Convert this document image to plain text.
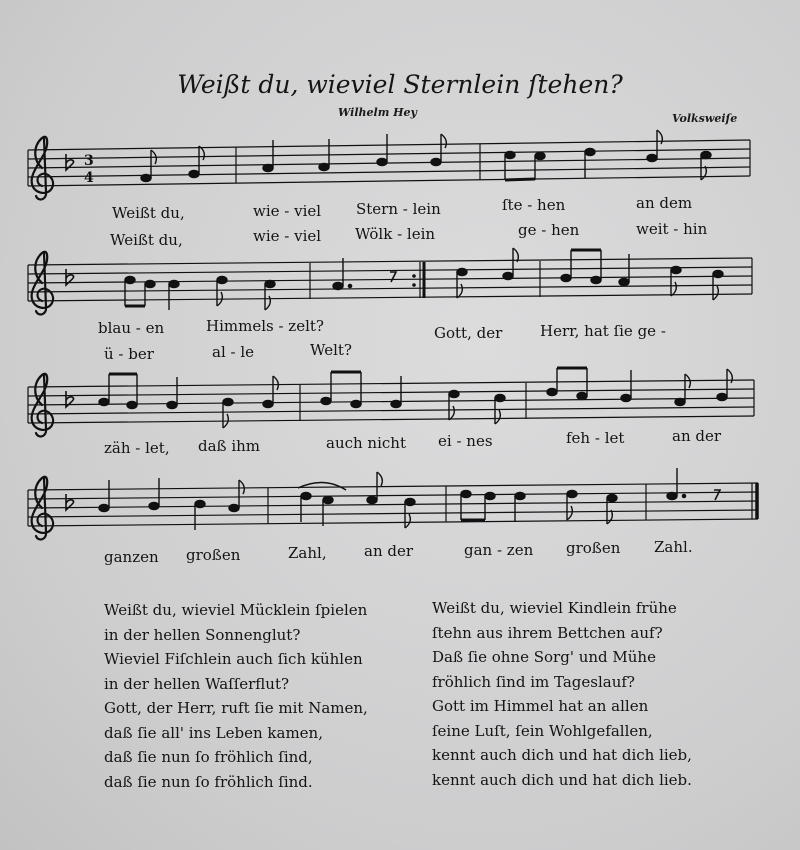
Weißt du, wieviel Sternlein ſtehen?
Wilhelm Hey	Volksweiſe
3
4
Weißt du,	wie - viel Stern - lein	ſte - hen	an dem
Weißt du,	wie - viel Wölk - lein	ge - hen	weit - hin
blau - en	Himmels - zelt?	Gott, der	Herr, hat ſie ge -
ü - ber	al - le	Welt?
zäh - let, daß ihm	auch nicht ei - nes	feh - let	an der
ganzen großen	Zahl, an der	gan - zen großen Zahl.
Weißt du, wieviel Mücklein ſpielen
in der hellen Sonnenglut?
Wieviel Fiſchlein auch ſich kühlen
in der hellen Waſſerflut?
Gott, der Herr, ruft ſie mit Namen,
daß ſie all' ins Leben kamen,
daß ſie nun ſo fröhlich ſind,
daß ſie nun ſo fröhlich ſind.
Weißt du, wieviel Kindlein frühe
ſtehn aus ihrem Bettchen auf?
Daß ſie ohne Sorg' und Mühe
fröhlich ſind im Tageslauf?
Gott im Himmel hat an allen
ſeine Luſt, ſein Wohlgefallen,
kennt auch dich und hat dich lieb,
kennt auch dich und hat dich lieb.
